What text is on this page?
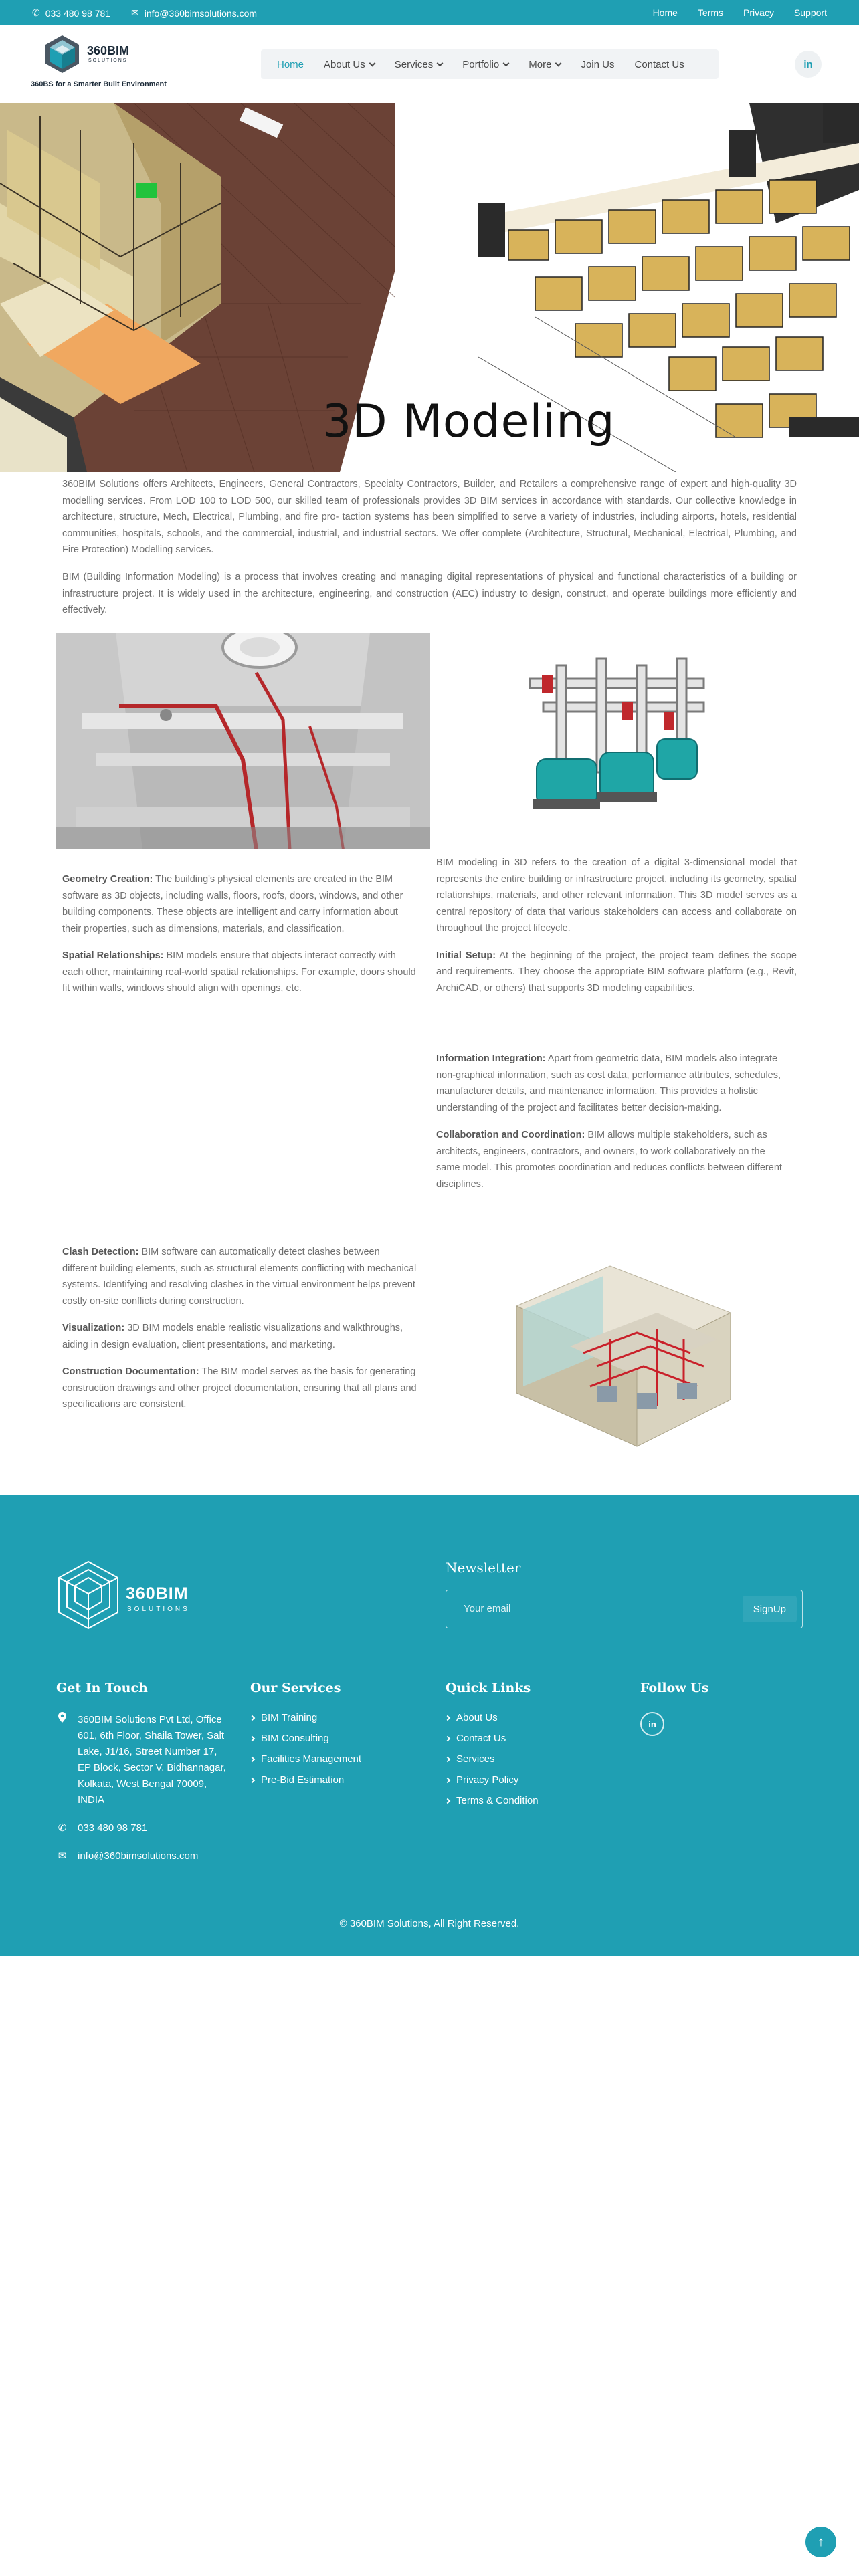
✆ 033 480 98 781 ✉ info@360bimsolutions.com	Home Terms Privacy Support
360BIM
SOLUTIONS
360BS for a Smarter Built Environment
Home About Us	Services	Portfolio	More	Join Us Contact Us	in
3D Modeling

360BIM Solutions offers Architects, Engineers, General Contractors, Specialty Contractors, Builder, and Retailers a comprehensive range of expert and high-quality 3D modelling services. From LOD 100 to LOD 500, our skilled team of professionals provides 3D BIM services in accordance with standards. Our collective knowledge in architecture, structure, Mech, Electrical, Plumbing, and fire pro- taction systems has been simplified to serve a variety of industries, including airports, hotels, residential communities, hospitals, schools, and the commercial, industrial, and industrial sectors. We offer complete (Architecture, Structural, Mechanical, Electrical, Plumbing, and Fire Protection) Modelling services.

BIM (Building Information Modeling) is a process that involves creating and managing digital representations of physical and functional characteristics of a building or infrastructure project. It is widely used in the architecture, engineering, and construction (AEC) industry to design, construct, and operate buildings more efficiently and effectively.

Geometry Creation: The building's physical elements are created in the BIM software as 3D objects, including walls, floors, roofs, doors, windows, and other building components. These objects are intelligent and carry information about their properties, such as dimensions, materials, and classification.

Spatial Relationships: BIM models ensure that objects interact correctly with each other, maintaining real-world spatial relationships. For example, doors should fit within walls, windows should align with openings, etc.

BIM modeling in 3D refers to the creation of a digital 3-dimensional model that represents the entire building or infrastructure project, including its geometry, spatial relationships, materials, and other relevant information. This 3D model serves as a central repository of data that various stakeholders can access and collaborate on throughout the project lifecycle.

Initial Setup: At the beginning of the project, the project team defines the scope and requirements. They choose the appropriate BIM software platform (e.g., Revit, ArchiCAD, or others) that supports 3D modeling capabilities.

Information Integration: Apart from geometric data, BIM models also integrate non-graphical information, such as cost data, performance attributes, schedules, manufacturer details, and maintenance information. This provides a holistic understanding of the project and facilitates better decision-making.

Collaboration and Coordination: BIM allows multiple stakeholders, such as architects, engineers, contractors, and owners, to work collaboratively on the same model. This promotes coordination and reduces conflicts between different disciplines.

Clash Detection: BIM software can automatically detect clashes between different building elements, such as structural elements conflicting with mechanical systems. Identifying and resolving clashes in the virtual environment helps prevent costly on-site conflicts during construction.

Visualization: 3D BIM models enable realistic visualizations and walkthroughs, aiding in design evaluation, client presentations, and marketing.

Construction Documentation: The BIM model serves as the basis for generating construction drawings and other project documentation, ensuring that all plans and specifications are consistent.

360BIM
SOLUTIONS
Newsletter
Your email	SignUp
Get In Touch
360BIM Solutions Pvt Ltd, Office 601, 6th Floor, Shaila Tower, Salt Lake, J1/16, Street Number 17, EP Block, Sector V, Bidhannagar, Kolkata, West Bengal 70009, INDIA
✆ 033 480 98 781
✉ info@360bimsolutions.com
Our Services
BIM Training
BIM Consulting
Facilities Management
Pre-Bid Estimation
Quick Links
About Us
Contact Us
Services
Privacy Policy
Terms & Condition
Follow Us
in
© 360BIM Solutions, All Right Reserved.
↑
